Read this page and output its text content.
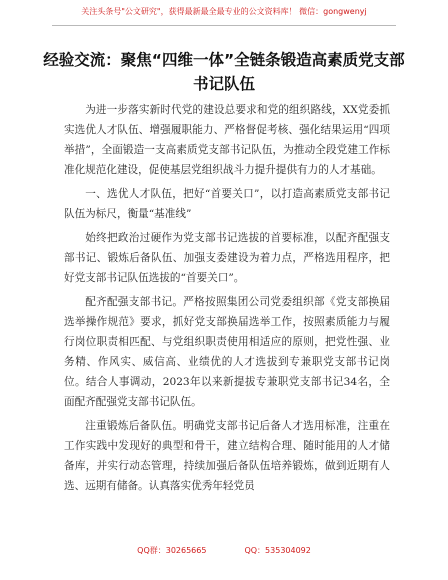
关注头条号"公文研究"，获得最新最全最专业的公文资料库！ 微信：gongwenyj
经验交流：聚焦“四维一体”全链条锻造高素质党支部书记队伍

为进一步落实新时代党的建设总要求和党的组织路线，XX党委抓实选优人才队伍、增强履职能力、严格督促考核、强化结果运用“四项举措”，全面锻造一支高素质党支部书记队伍，为推动全段党建工作标准化规范化建设，促使基层党组织战斗力提升提供有力的人才基础。

一、选优人才队伍，把好“首要关口”，以打造高素质党支部书记队伍为标尺，衡量“基准线”

始终把政治过硬作为党支部书记选拔的首要标准，以配齐配强支部书记、锻炼后备队伍、加强支委建设为着力点，严格选用程序，把好党支部书记队伍选拔的“首要关口”。

配齐配强支部书记。严格按照集团公司党委组织部《党支部换届选举操作规范》要求，抓好党支部换届选举工作，按照素质能力与履行岗位职责相匹配、与党组织职责使用相适应的原则，把党性强、业务精、作风实、威信高、业绩优的人才选拔到专兼职党支部书记岗位。结合人事调动，2023年以来新提拔专兼职党支部书记34名，全面配齐配强党支部书记队伍。

注重锻炼后备队伍。明确党支部书记后备人才选用标准，注重在工作实践中发现好的典型和骨干，建立结构合理、随时能用的人才储备库，并实行动态管理，持续加强后备队伍培养锻炼，做到近期有人选、远期有储备。认真落实优秀年轻党员

QQ群：30265665	QQ：535304092
